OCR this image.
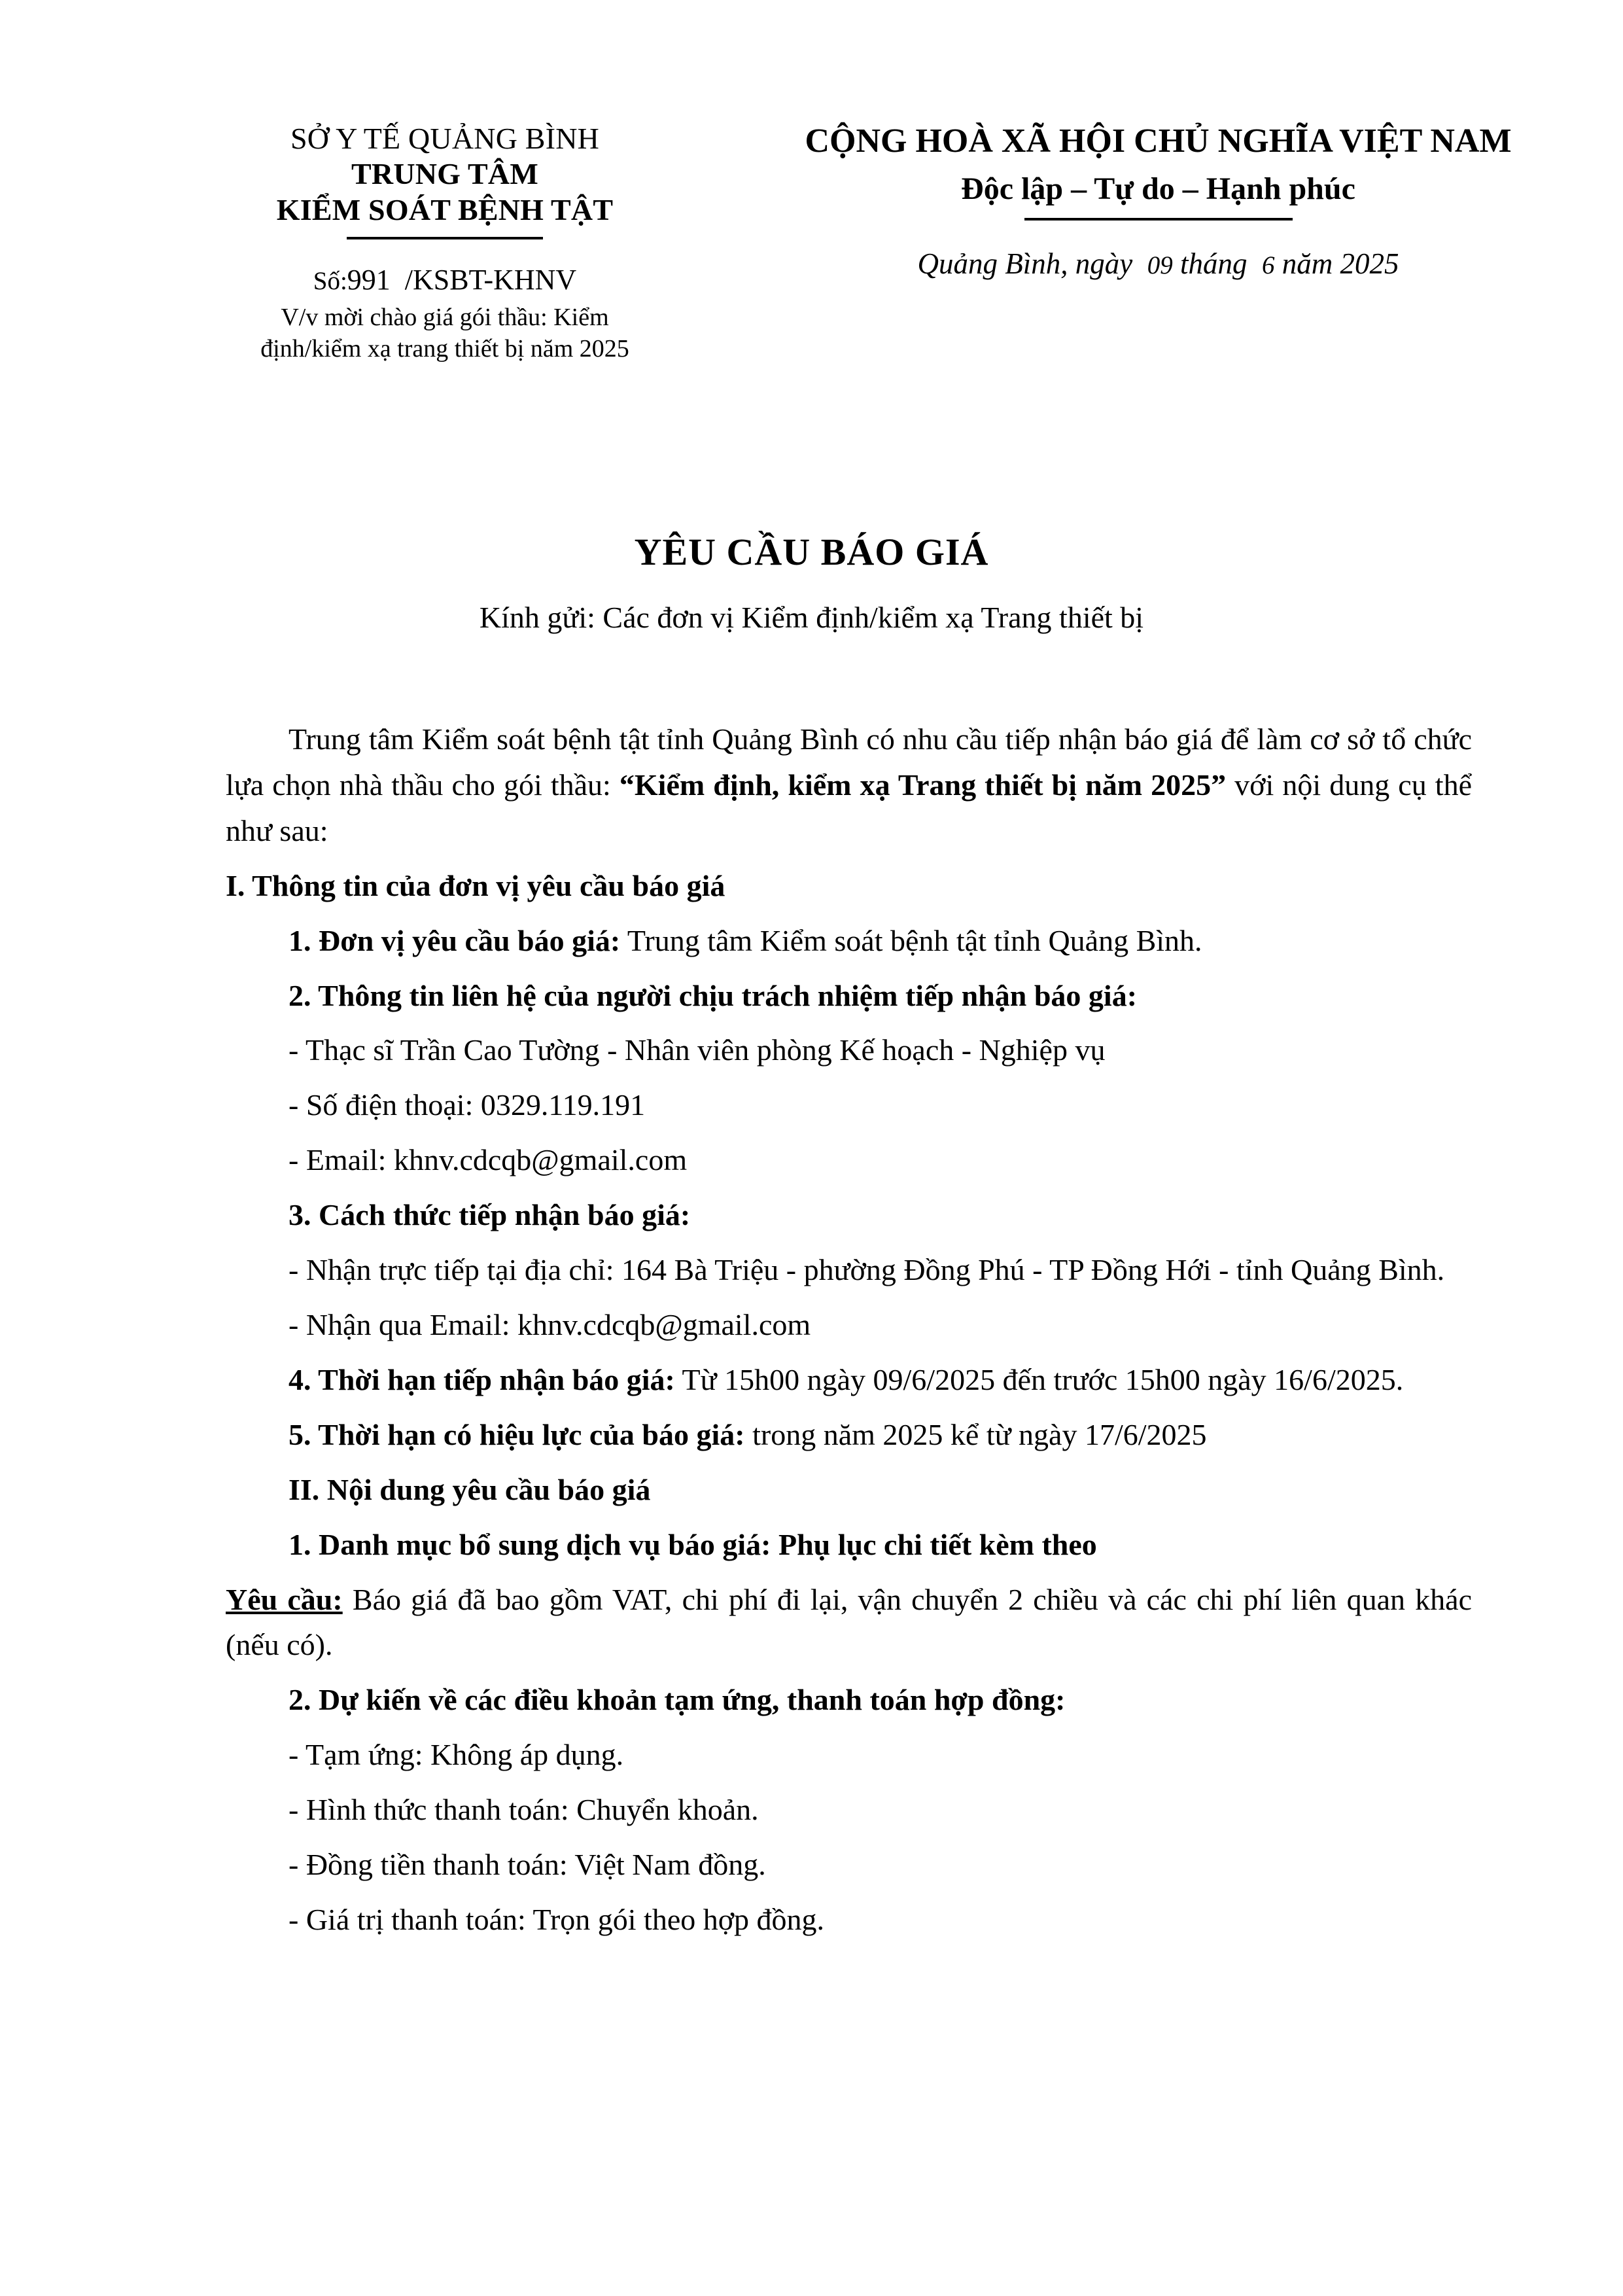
SỞ Y TẾ QUẢNG BÌNH
TRUNG TÂM
KIỂM SOÁT BỆNH TẬT
Số:991 /KSBT-KHNV
V/v mời chào giá gói thầu: Kiểm định/kiểm xạ trang thiết bị năm 2025
CỘNG HOÀ XÃ HỘI CHỦ NGHĨA VIỆT NAM
Độc lập – Tự do – Hạnh phúc
Quảng Bình, ngày 09 tháng 6 năm 2025
YÊU CẦU BÁO GIÁ
Kính gửi: Các đơn vị Kiểm định/kiểm xạ Trang thiết bị

Trung tâm Kiểm soát bệnh tật tỉnh Quảng Bình có nhu cầu tiếp nhận báo giá để làm cơ sở tổ chức lựa chọn nhà thầu cho gói thầu: “Kiểm định, kiểm xạ Trang thiết bị năm 2025” với nội dung cụ thể như sau:

I. Thông tin của đơn vị yêu cầu báo giá

1. Đơn vị yêu cầu báo giá: Trung tâm Kiểm soát bệnh tật tỉnh Quảng Bình.

2. Thông tin liên hệ của người chịu trách nhiệm tiếp nhận báo giá:

- Thạc sĩ Trần Cao Tường - Nhân viên phòng Kế hoạch - Nghiệp vụ

- Số điện thoại: 0329.119.191

- Email: khnv.cdcqb@gmail.com

3. Cách thức tiếp nhận báo giá:

- Nhận trực tiếp tại địa chỉ: 164 Bà Triệu - phường Đồng Phú - TP Đồng Hới - tỉnh Quảng Bình.

- Nhận qua Email: khnv.cdcqb@gmail.com

4. Thời hạn tiếp nhận báo giá: Từ 15h00 ngày 09/6/2025 đến trước 15h00 ngày 16/6/2025.

5. Thời hạn có hiệu lực của báo giá: trong năm 2025 kể từ ngày 17/6/2025

II. Nội dung yêu cầu báo giá

1. Danh mục bổ sung dịch vụ báo giá: Phụ lục chi tiết kèm theo

Yêu cầu: Báo giá đã bao gồm VAT, chi phí đi lại, vận chuyển 2 chiều và các chi phí liên quan khác (nếu có).

2. Dự kiến về các điều khoản tạm ứng, thanh toán hợp đồng:

- Tạm ứng: Không áp dụng.

- Hình thức thanh toán: Chuyển khoản.

- Đồng tiền thanh toán: Việt Nam đồng.

- Giá trị thanh toán: Trọn gói theo hợp đồng.
